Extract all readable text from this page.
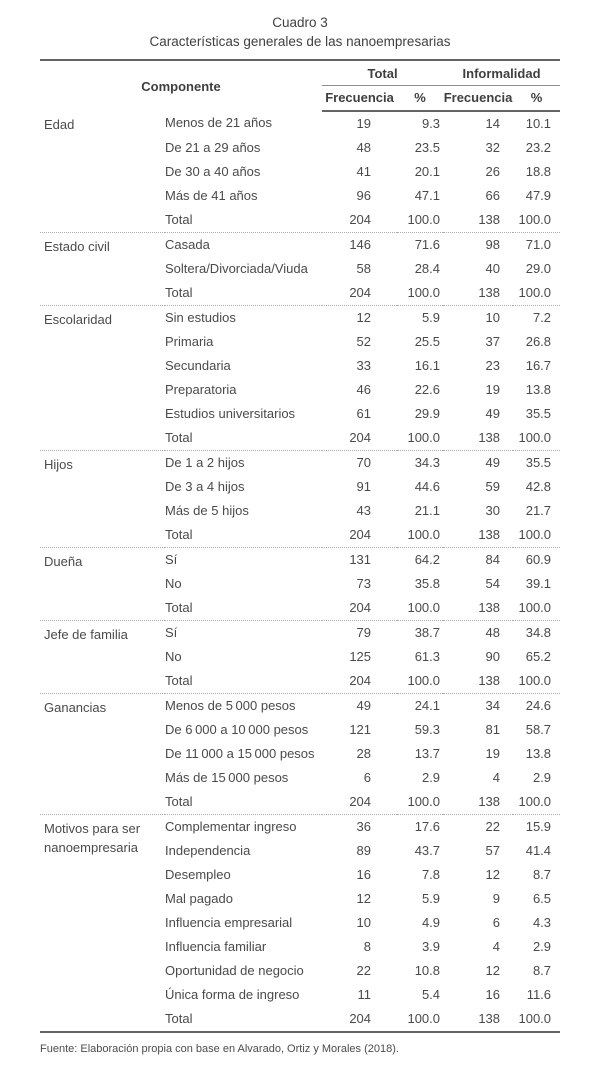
Cuadro 3
Características generales de las nanoempresarias
Componente		Total		Informalidad	
		Frecuencia	%	Frecuencia	%
Edad	Menos de 21 años	19	9.3	14	10.1
	De 21 a 29 años	48	23.5	32	23.2
	De 30 a 40 años	41	20.1	26	18.8
	Más de 41 años	96	47.1	66	47.9
	Total	204	100.0	138	100.0
Estado civil	Casada	146	71.6	98	71.0
	Soltera/Divorciada/Viuda	58	28.4	40	29.0
	Total	204	100.0	138	100.0
Escolaridad	Sin estudios	12	5.9	10	7.2
	Primaria	52	25.5	37	26.8
	Secundaria	33	16.1	23	16.7
	Preparatoria	46	22.6	19	13.8
	Estudios universitarios	61	29.9	49	35.5
	Total	204	100.0	138	100.0
Hijos	De 1 a 2 hijos	70	34.3	49	35.5
	De 3 a 4 hijos	91	44.6	59	42.8
	Más de 5 hijos	43	21.1	30	21.7
	Total	204	100.0	138	100.0
Dueña	Sí	131	64.2	84	60.9
	No	73	35.8	54	39.1
	Total	204	100.0	138	100.0
Jefe de familia	Sí	79	38.7	48	34.8
	No	125	61.3	90	65.2
	Total	204	100.0	138	100.0
Ganancias	Menos de 5 000 pesos	49	24.1	34	24.6
	De 6 000 a 10 000 pesos	121	59.3	81	58.7
	De 11 000 a 15 000 pesos	28	13.7	19	13.8
	Más de 15 000 pesos	6	2.9	4	2.9
	Total	204	100.0	138	100.0
Motivos para ser nanoempresaria	Complementar ingreso	36	17.6	22	15.9
	Independencia	89	43.7	57	41.4
	Desempleo	16	7.8	12	8.7
	Mal pagado	12	5.9	9	6.5
	Influencia empresarial	10	4.9	6	4.3
	Influencia familiar	8	3.9	4	2.9
	Oportunidad de negocio	22	10.8	12	8.7
	Única forma de ingreso	11	5.4	16	11.6
	Total	204	100.0	138	100.0
Fuente: Elaboración propia con base en Alvarado, Ortiz y Morales (2018).
